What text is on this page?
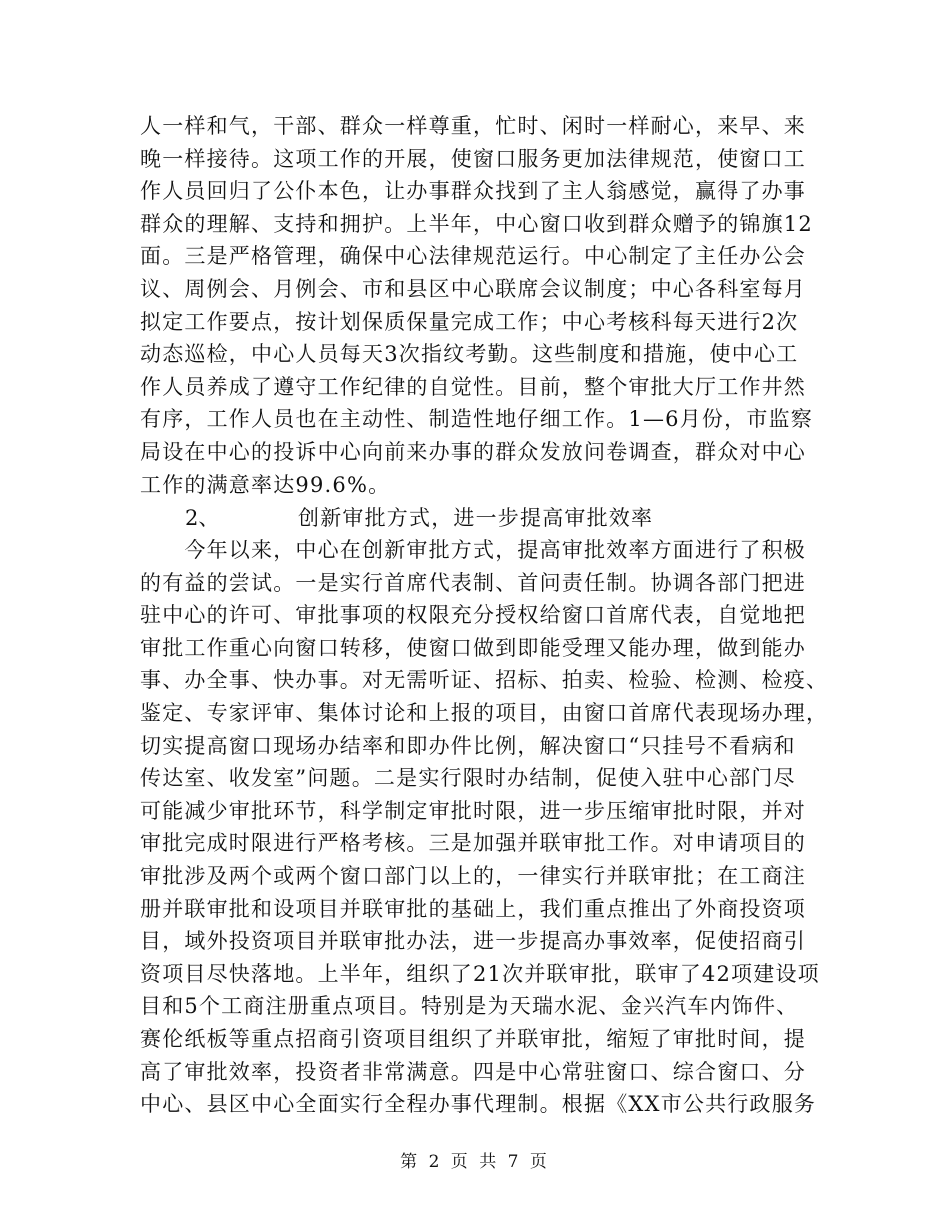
人一样和气，干部、群众一样尊重，忙时、闲时一样耐心，来早、来
晚一样接待。这项工作的开展，使窗口服务更加法律规范，使窗口工
作人员回归了公仆本色，让办事群众找到了主人翁感觉，赢得了办事
群众的理解、支持和拥护。上半年，中心窗口收到群众赠予的锦旗12
面。三是严格管理，确保中心法律规范运行。中心制定了主任办公会
议、周例会、月例会、市和县区中心联席会议制度；中心各科室每月
拟定工作要点，按计划保质保量完成工作；中心考核科每天进行2次
动态巡检，中心人员每天3次指纹考勤。这些制度和措施，使中心工
作人员养成了遵守工作纪律的自觉性。目前，整个审批大厅工作井然
有序，工作人员也在主动性、制造性地仔细工作。1—6月份，市监察
局设在中心的投诉中心向前来办事的群众发放问卷调查，群众对中心
工作的满意率达99.6%。
2、	创新审批方式，进一步提高审批效率
　　今年以来，中心在创新审批方式，提高审批效率方面进行了积极
的有益的尝试。一是实行首席代表制、首问责任制。协调各部门把进
驻中心的许可、审批事项的权限充分授权给窗口首席代表，自觉地把
审批工作重心向窗口转移，使窗口做到即能受理又能办理，做到能办
事、办全事、快办事。对无需听证、招标、拍卖、检验、检测、检疫、
鉴定、专家评审、集体讨论和上报的项目，由窗口首席代表现场办理，
切实提高窗口现场办结率和即办件比例，解决窗口“只挂号不看病和
传达室、收发室”问题。二是实行限时办结制，促使入驻中心部门尽
可能减少审批环节，科学制定审批时限，进一步压缩审批时限，并对
审批完成时限进行严格考核。三是加强并联审批工作。对申请项目的
审批涉及两个或两个窗口部门以上的，一律实行并联审批；在工商注
册并联审批和设项目并联审批的基础上，我们重点推出了外商投资项
目，域外投资项目并联审批办法，进一步提高办事效率，促使招商引
资项目尽快落地。上半年，组织了21次并联审批，联审了42项建设项
目和5个工商注册重点项目。特别是为天瑞水泥、金兴汽车内饰件、
赛伦纸板等重点招商引资项目组织了并联审批，缩短了审批时间，提
高了审批效率，投资者非常满意。四是中心常驻窗口、综合窗口、分
中心、县区中心全面实行全程办事代理制。根据《XX市公共行政服务
第 2 页 共 7 页
